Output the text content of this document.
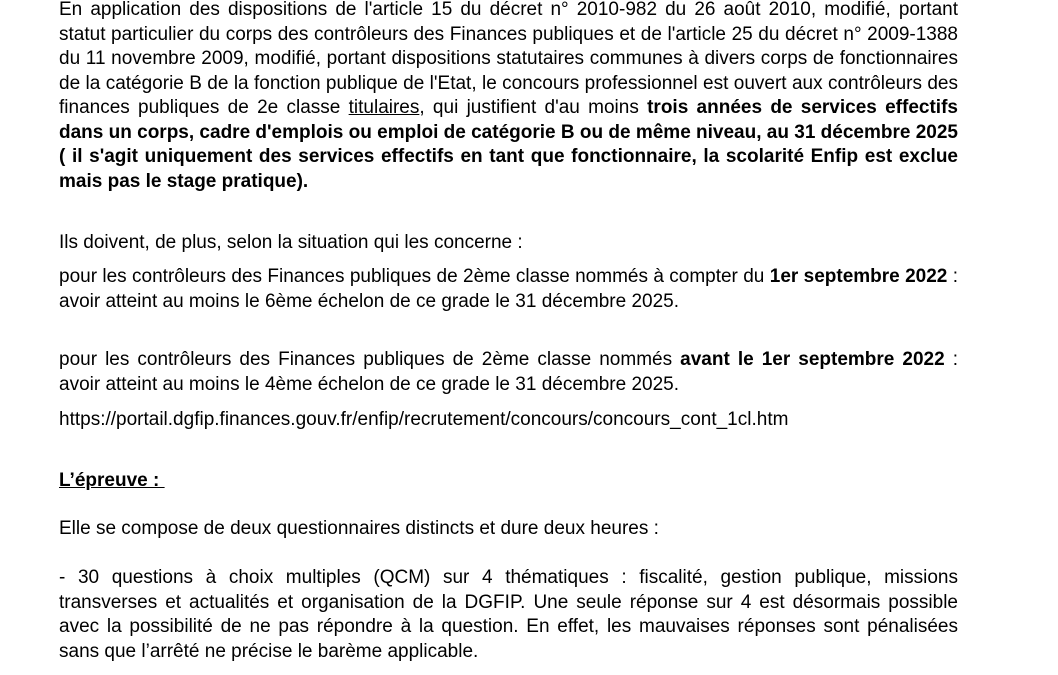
En application des dispositions de l'article 15 du décret n° 2010-982 du 26 août 2010, modifié, portant statut particulier du corps des contrôleurs des Finances publiques et de l'article 25 du décret n° 2009-1388 du 11 novembre 2009, modifié, portant dispositions statutaires communes à divers corps de fonctionnaires de la catégorie B de la fonction publique de l'Etat, le concours professionnel est ouvert aux contrôleurs des finances publiques de 2e classe titulaires, qui justifient d'au moins trois années de services effectifs dans un corps, cadre d'emplois ou emploi de catégorie B ou de même niveau, au 31 décembre 2025 ( il s'agit uniquement des services effectifs en tant que fonctionnaire, la scolarité Enfip est exclue mais pas le stage pratique).

Ils doivent, de plus, selon la situation qui les concerne :

pour les contrôleurs des Finances publiques de 2ème classe nommés à compter du 1er septembre 2022 : avoir atteint au moins le 6ème échelon de ce grade le 31 décembre 2025.

pour les contrôleurs des Finances publiques de 2ème classe nommés avant le 1er septembre 2022 : avoir atteint au moins le 4ème échelon de ce grade le 31 décembre 2025.

https://portail.dgfip.finances.gouv.fr/enfip/recrutement/concours/concours_cont_1cl.htm

L’épreuve :

Elle se compose de deux questionnaires distincts et dure deux heures :

- 30 questions à choix multiples (QCM) sur 4 thématiques : fiscalité, gestion publique, missions transverses et actualités et organisation de la DGFIP. Une seule réponse sur 4 est désormais possible avec la possibilité de ne pas répondre à la question. En effet, les mauvaises réponses sont pénalisées sans que l’arrêté ne précise le barème applicable.
